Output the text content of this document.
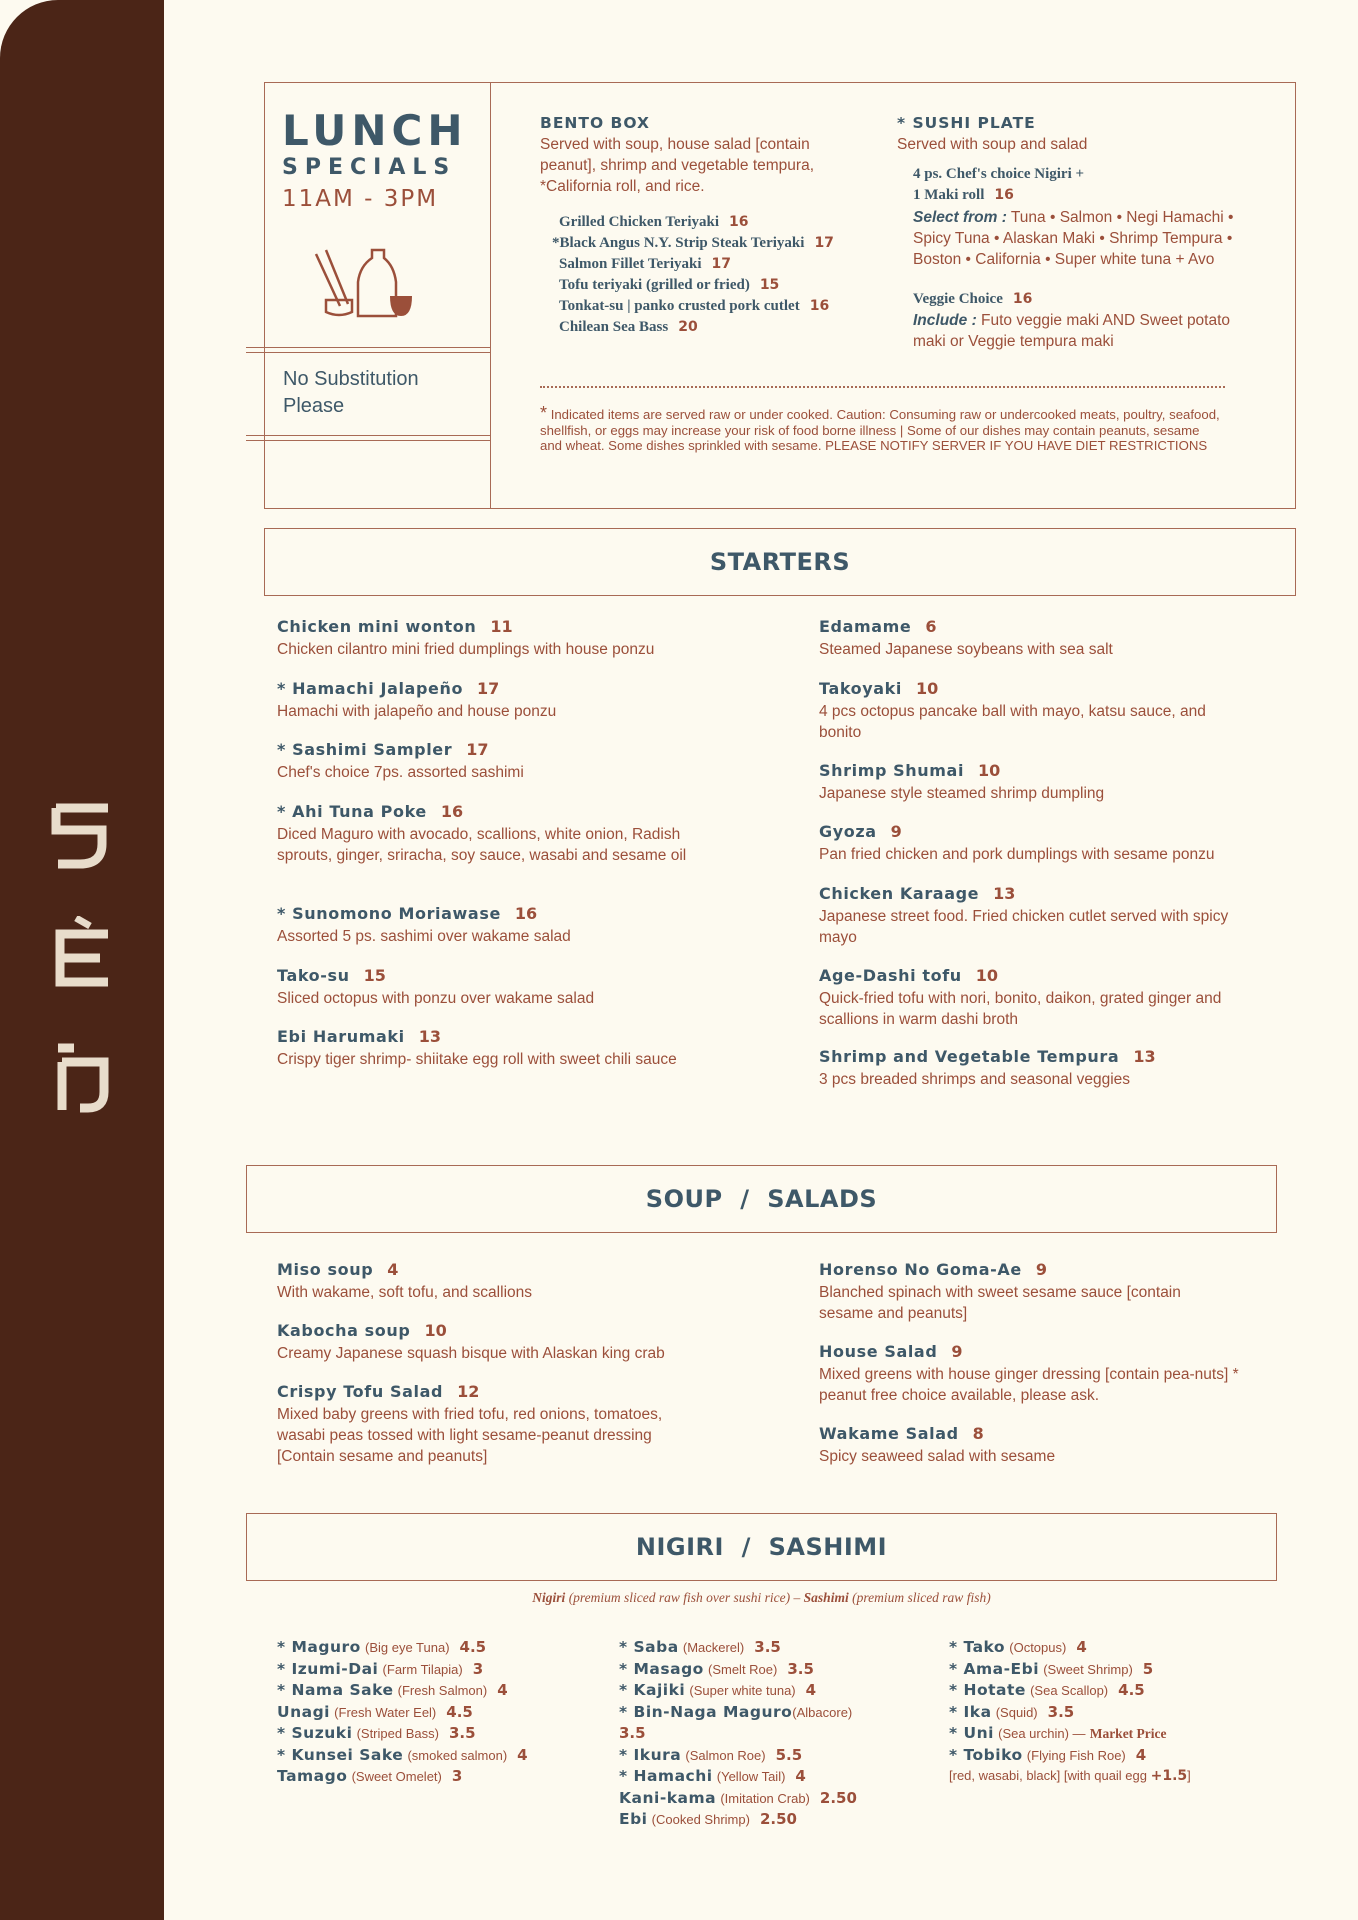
LUNCH
SPECIALS
11AM - 3PM
No Substitution
Please
BENTO BOX
Served with soup, house salad [contain peanut], shrimp and vegetable tempura, *California roll, and rice.
Grilled Chicken Teriyaki 16
*Black Angus N.Y. Strip Steak Teriyaki 17
Salmon Fillet Teriyaki 17
Tofu teriyaki (grilled or fried) 15
Tonkat-su | panko crusted pork cutlet 16
Chilean Sea Bass 20
* SUSHI PLATE
Served with soup and salad
4 ps. Chef's choice Nigiri +
1 Maki roll 16
Select from : Tuna • Salmon • Negi Hamachi • Spicy Tuna • Alaskan Maki • Shrimp Tempura • Boston • California • Super white tuna + Avo
Veggie Choice 16
Include : Futo veggie maki AND Sweet potato maki or Veggie tempura maki
* Indicated items are served raw or under cooked. Caution: Consuming raw or undercooked meats, poultry, seafood, shellfish, or eggs may increase your risk of food borne illness | Some of our dishes may contain peanuts, sesame and wheat. Some dishes sprinkled with sesame. PLEASE NOTIFY SERVER IF YOU HAVE DIET RESTRICTIONS
STARTERS
Chicken mini wonton 11
Chicken cilantro mini fried dumplings with house ponzu
* Hamachi Jalapeño 17
Hamachi with jalapeño and house ponzu
* Sashimi Sampler 17
Chef's choice 7ps. assorted sashimi
* Ahi Tuna Poke 16
Diced Maguro with avocado, scallions, white onion, Radish sprouts, ginger, sriracha, soy sauce, wasabi and sesame oil
* Sunomono Moriawase 16
Assorted 5 ps. sashimi over wakame salad
Tako-su 15
Sliced octopus with ponzu over wakame salad
Ebi Harumaki 13
Crispy tiger shrimp- shiitake egg roll with sweet chili sauce
Edamame 6
Steamed Japanese soybeans with sea salt
Takoyaki 10
4 pcs octopus pancake ball with mayo, katsu sauce, and bonito
Shrimp Shumai 10
Japanese style steamed shrimp dumpling
Gyoza 9
Pan fried chicken and pork dumplings with sesame ponzu
Chicken Karaage 13
Japanese street food. Fried chicken cutlet served with spicy mayo
Age-Dashi tofu 10
Quick-fried tofu with nori, bonito, daikon, grated ginger and scallions in warm dashi broth
Shrimp and Vegetable Tempura 13
3 pcs breaded shrimps and seasonal veggies
SOUP  /  SALADS
Miso soup 4
With wakame, soft tofu, and scallions
Kabocha soup 10
Creamy Japanese squash bisque with Alaskan king crab
Crispy Tofu Salad 12
Mixed baby greens with fried tofu, red onions, tomatoes, wasabi peas tossed with light sesame-peanut dressing [Contain sesame and peanuts]
Horenso No Goma-Ae 9
Blanched spinach with sweet sesame sauce [contain sesame and peanuts]
House Salad 9
Mixed greens with house ginger dressing [contain pea-nuts] * peanut free choice available, please ask.
Wakame Salad 8
Spicy seaweed salad with sesame
NIGIRI  /  SASHIMI
Nigiri (premium sliced raw fish over sushi rice) – Sashimi (premium sliced raw fish)
* Maguro (Big eye Tuna) 4.5
* Izumi-Dai (Farm Tilapia) 3
* Nama Sake (Fresh Salmon) 4
Unagi (Fresh Water Eel) 4.5
* Suzuki (Striped Bass) 3.5
* Kunsei Sake (smoked salmon) 4
Tamago (Sweet Omelet) 3
* Saba (Mackerel) 3.5
* Masago (Smelt Roe) 3.5
* Kajiki (Super white tuna) 4
* Bin-Naga Maguro(Albacore)
3.5
* Ikura (Salmon Roe) 5.5
* Hamachi (Yellow Tail) 4
Kani-kama (Imitation Crab) 2.50
Ebi (Cooked Shrimp) 2.50
* Tako (Octopus) 4
* Ama-Ebi (Sweet Shrimp) 5
* Hotate (Sea Scallop) 4.5
* Ika (Squid) 3.5
* Uni (Sea urchin) — Market Price
* Tobiko (Flying Fish Roe) 4
[red, wasabi, black] [with quail egg +1.5]
